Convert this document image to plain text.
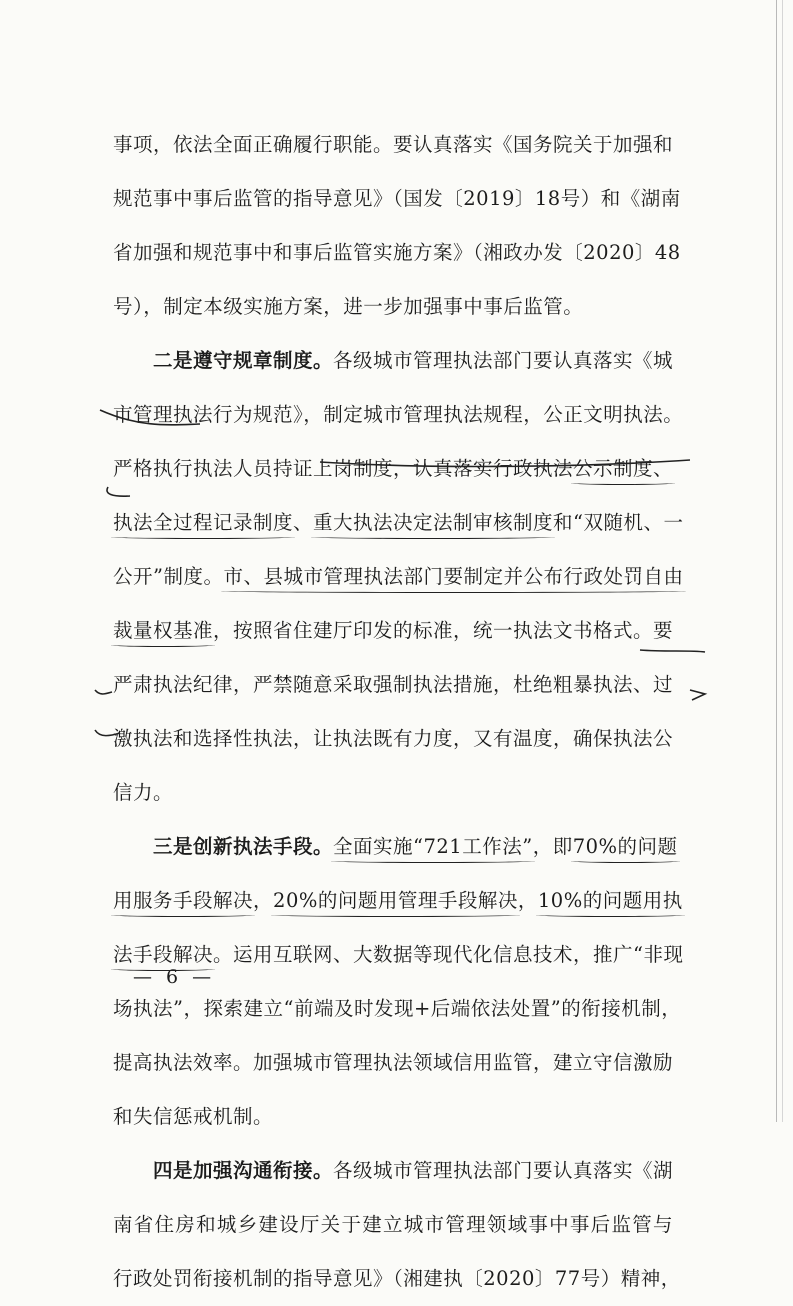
事项，依法全面正确履行职能。要认真落实《国务院关于加强和
规范事中事后监管的指导意见》（国发〔2019〕18号）和《湖南
省加强和规范事中和事后监管实施方案》（湘政办发〔2020〕48
号），制定本级实施方案，进一步加强事中事后监管。
二是遵守规章制度。各级城市管理执法部门要认真落实《城
市管理执法行为规范》，制定城市管理执法规程，公正文明执法。
严格执行执法人员持证上岗制度，认真落实行政执法公示制度、
执法全过程记录制度、重大执法决定法制审核制度和“双随机、一
公开”制度。市、县城市管理执法部门要制定并公布行政处罚自由
裁量权基准，按照省住建厅印发的标准，统一执法文书格式。要
严肃执法纪律，严禁随意采取强制执法措施，杜绝粗暴执法、过
激执法和选择性执法，让执法既有力度，又有温度，确保执法公
信力。
三是创新执法手段。全面实施“721工作法”，即70%的问题
用服务手段解决，20%的问题用管理手段解决，10%的问题用执
法手段解决。运用互联网、大数据等现代化信息技术，推广“非现
场执法”，探索建立“前端及时发现+后端依法处置”的衔接机制，
提高执法效率。加强城市管理执法领域信用监管，建立守信激励
和失信惩戒机制。
四是加强沟通衔接。各级城市管理执法部门要认真落实《湖
南省住房和城乡建设厅关于建立城市管理领域事中事后监管与
行政处罚衔接机制的指导意见》（湘建执〔2020〕77号）精神，
— 6 —
